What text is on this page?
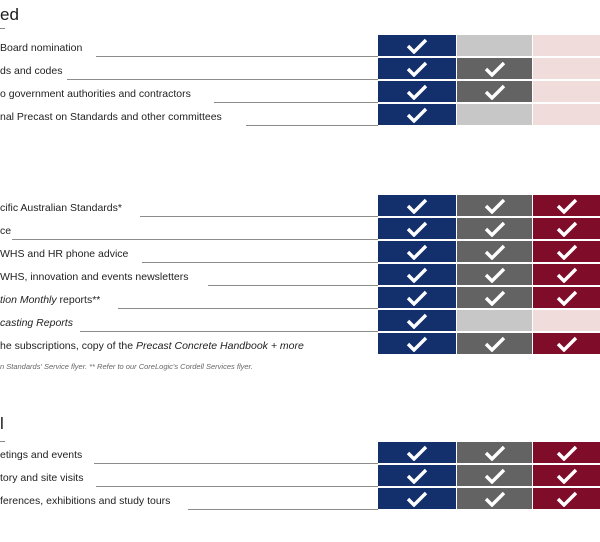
ed
Board nomination
ds and codes
o government authorities and contractors
nal Precast on Standards and other committees
cific Australian Standards*
ce
WHS and HR phone advice
WHS, innovation and events newsletters
tion Monthly reports**
casting Reports
he subscriptions, copy of the Precast Concrete Handbook + more
n Standards' Service flyer. ** Refer to our CoreLogic's Cordell Services flyer.
l
etings and events
tory and site visits
ferences, exhibitions and study tours
